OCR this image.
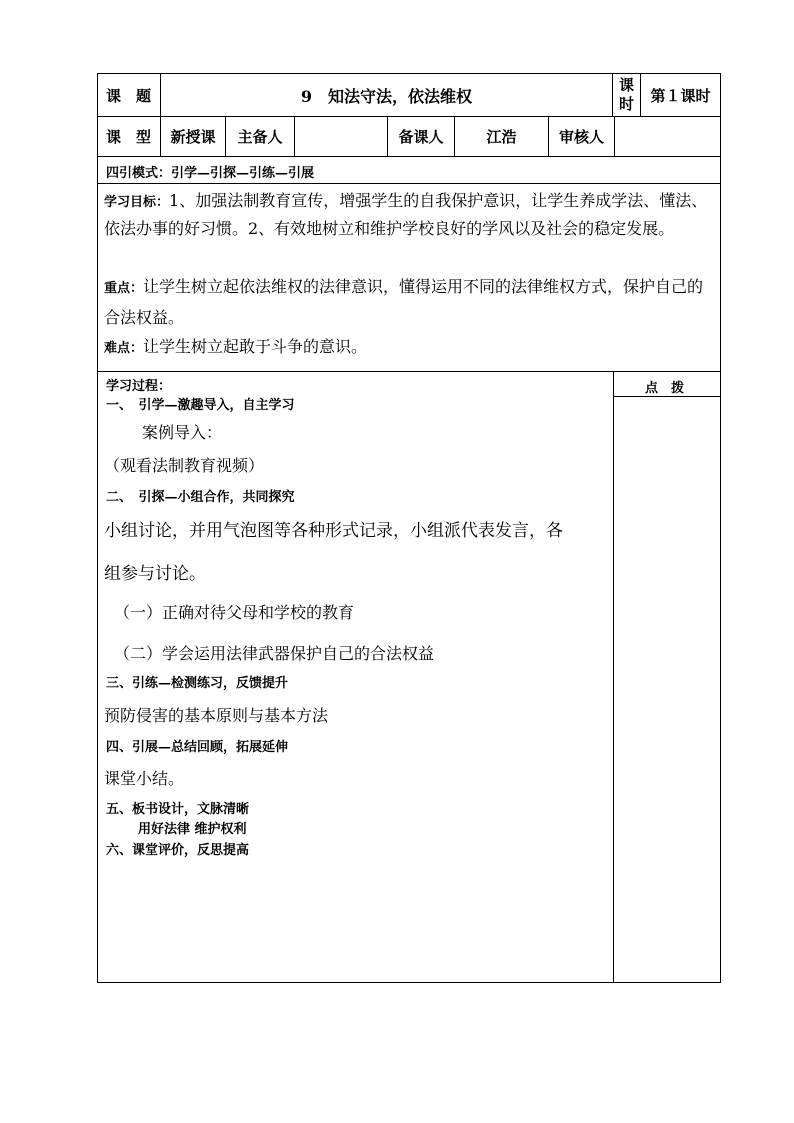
课　题	9　知法守法，依法维权
课
时 第１课时
课　型 新授课 主备人	备课人	江浩	审核人
四引模式：引学—引探—引练—引展
学习目标：1、加强法制教育宣传，增强学生的自我保护意识，让学生养成学法、懂法、依法办事的好习惯。2、有效地树立和维护学校良好的学风以及社会的稳定发展。
重点：让学生树立起依法维权的法律意识，懂得运用不同的法律维权方式，保护自己的合法权益。
难点：让学生树立起敢于斗争的意识。
点　拨
学习过程：
一、　引学—激趣导入，自主学习
案例导入：
（观看法制教育视频）
二、　引探—小组合作，共同探究
小组讨论，并用气泡图等各种形式记录，小组派代表发言，各
组参与讨论。
（一）正确对待父母和学校的教育
（二）学会运用法律武器保护自己的合法权益
三、引练—检测练习，反馈提升
预防侵害的基本原则与基本方法
四、引展—总结回顾，拓展延伸
课堂小结。
五、板书设计，文脉清晰
用好法律 维护权利
六、课堂评价，反思提高
